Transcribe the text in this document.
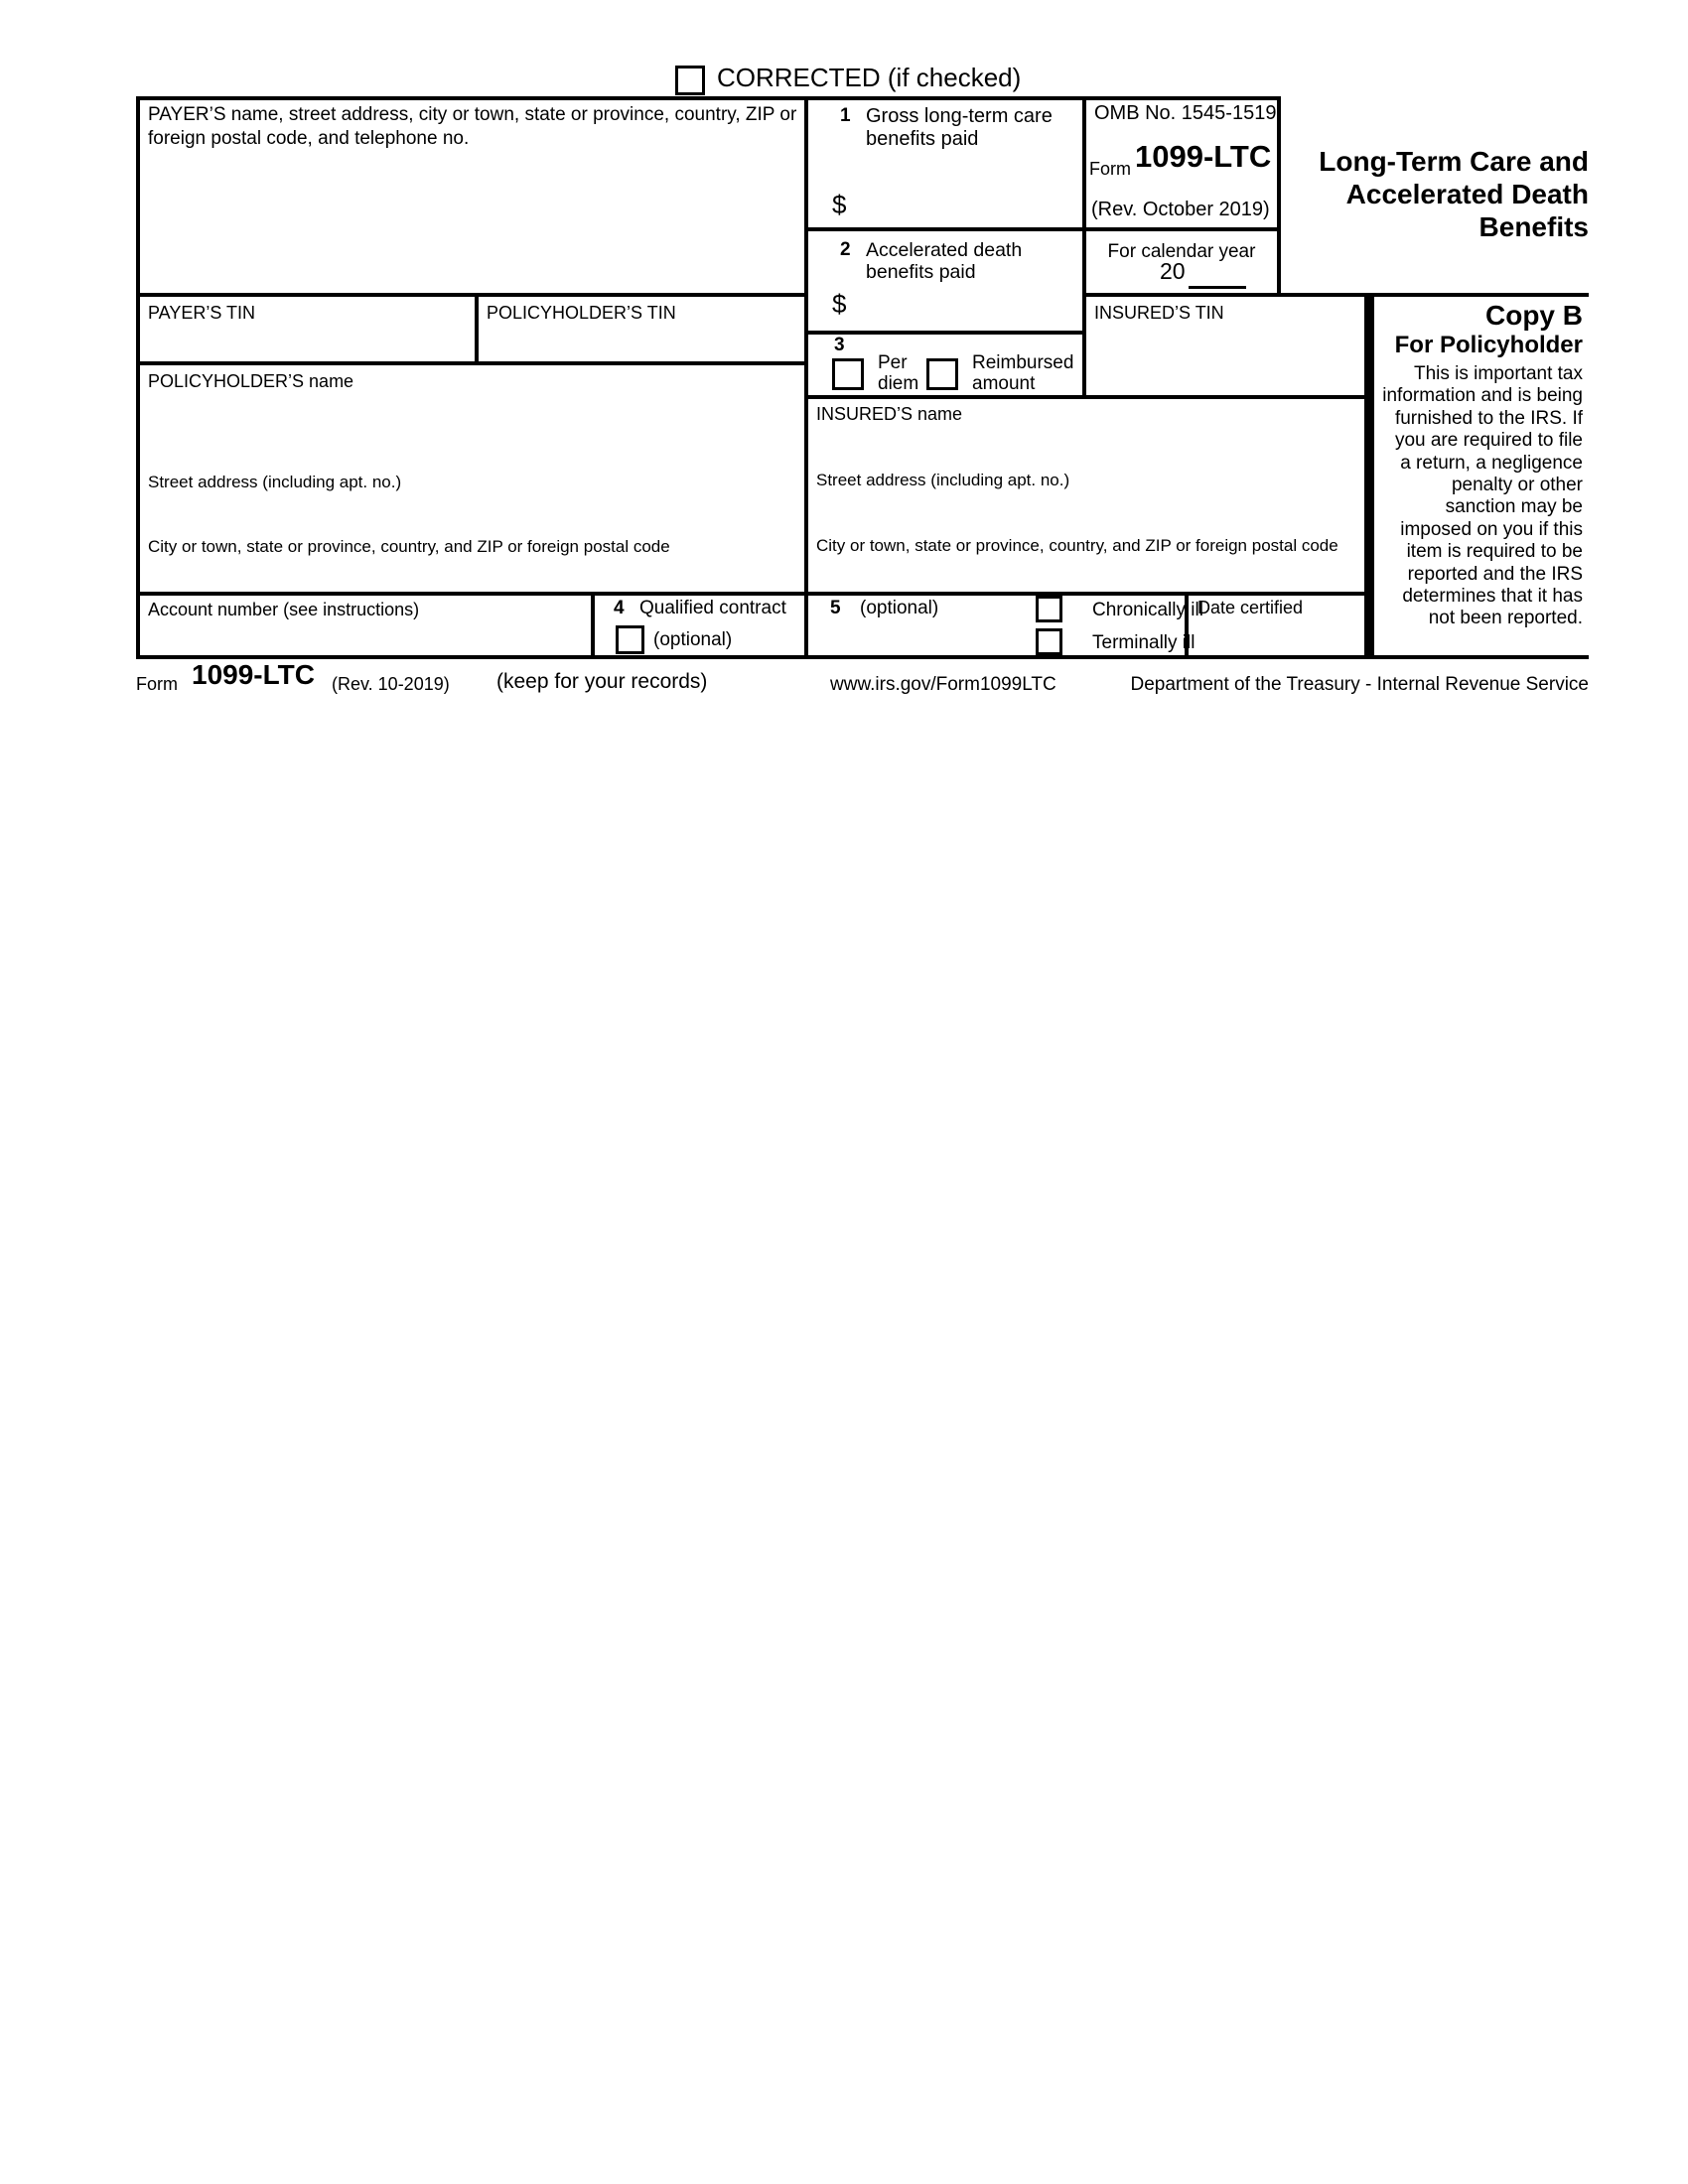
CORRECTED (if checked)
PAYER’S name, street address, city or town, state or province, country, ZIP or foreign postal code, and telephone no.
1 Gross long-term care benefits paid
$
OMB No. 1545-1519
Form 1099-LTC
(Rev. October 2019)
Long-Term Care and
Accelerated Death
Benefits
2 Accelerated death benefits paid
$
For calendar year
20
PAYER’S TIN	POLICYHOLDER’S TIN	INSURED’S TIN
3
Per diem
Reimbursed amount
Copy B
For Policyholder
This is important tax information and is being furnished to the IRS. If you are required to file a return, a negligence penalty or other sanction may be imposed on you if this item is required to be reported and the IRS determines that it has not been reported.
POLICYHOLDER’S name
Street address (including apt. no.)
City or town, state or province, country, and ZIP or foreign postal code
INSURED’S name
Street address (including apt. no.)
City or town, state or province, country, and ZIP or foreign postal code
Account number (see instructions)	4 Qualified contract
(optional)
5 (optional)	Chronically ill
Terminally ill
Date certified
Form 1099-LTC (Rev. 10-2019) (keep for your records)	www.irs.gov/Form1099LTC	Department of the Treasury - Internal Revenue Service
